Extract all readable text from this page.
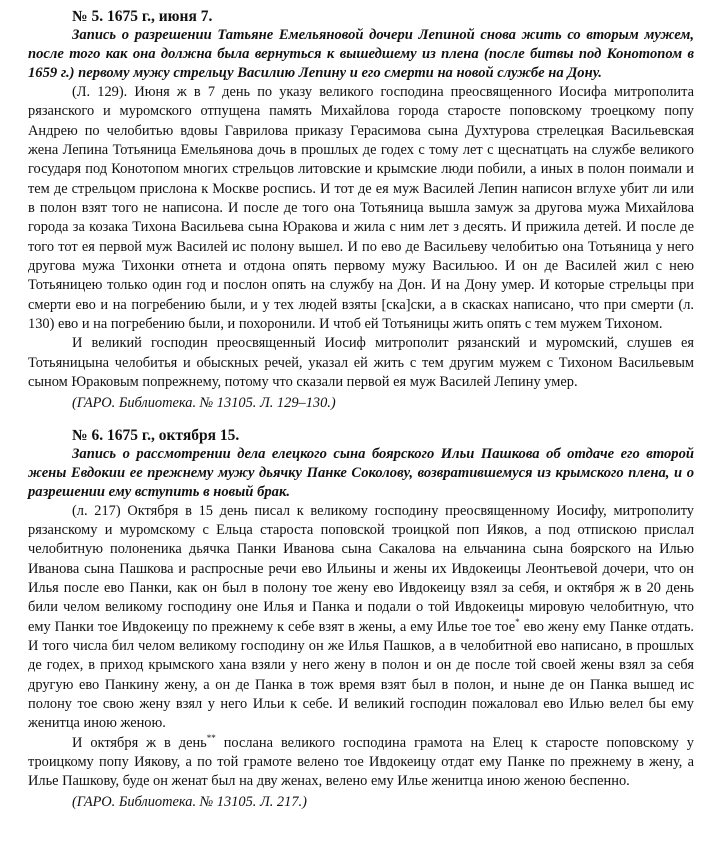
№ 5. 1675 г., июня 7.

Запись о разрешении Татьяне Емельяновой дочери Лепиной снова жить со вторым мужем, после того как она должна была вернуться к вышедшему из плена (после битвы под Конотопом в 1659 г.) первому мужу стрельцу Василию Лепину и его смерти на новой службе на Дону.

(Л. 129). Июня ж в 7 день по указу великого господина преосвященного Иосифа митрополита рязанского и муромского отпущена память Михайлова города старосте поповскому троецкому попу Андрею по челобитью вдовы Гаврилова приказу Герасимова сына Духтурова стрелецкая Васильевская жена Лепина Тотьяница Емельянова дочь в прошлых де годех с тому лет с щеснатцать на службе великого государя под Конотопом многих стрельцов литовские и крымские люди побили, а иных в полон поимали и тем де стрельцом прислона к Москве роспись. И тот де ея муж Василей Лепин написон вглухе убит ли или в полон взят того не написона. И после де того она Тотьяница вышла замуж за другова мужа Михайлова города за козака Тихона Васильева сына Юракова и жила с ним лет з десять. И прижила детей. И после де того тот ея первой муж Василей ис полону вышел. И по ево де Васильеву челобитью она Тотьяница у него другова мужа Тихонки отнета и отдона опять первому мужу Васильюо. И он де Василей жил с нею Тотьяницею только один год и послон опять на службу на Дон. И на Дону умер. И которые стрельцы при смерти ево и на погребению были, и у тех людей взяты [ска]ски, а в скасках написано, что при смерти (л. 130) ево и на погребению были, и похоронили. И чтоб ей Тотьяницы жить опять с тем мужем Тихоном.

И великий господин преосвященный Иосиф митрополит рязанский и муромский, слушев ея Тотьяницына челобитья и обыскных речей, указал ей жить с тем другим мужем с Тихоном Васильевым сыном Юраковым попрежнему, потому что сказали первой ея муж Василей Лепину умер.

(ГАРО. Библиотека. № 13105. Л. 129–130.)

№ 6. 1675 г., октября 15.

Запись о рассмотрении дела елецкого сына боярского Ильи Пашкова об отдаче его второй жены Евдокии ее прежнему мужу дьячку Панке Соколову, возвратившемуся из крымского плена, и о разрешении ему вступить в новый брак.

(л. 217) Октября в 15 день писал к великому господину преосвященному Иосифу, митрополиту рязанскому и муромскому с Ельца староста поповской троицкой поп Ияков, а под отпискою прислал челобитную полоненика дьячка Панки Иванова сына Сакалова на ельчанина сына боярского на Илью Иванова сына Пашкова и распросные речи ево Ильины и жены их Ивдокеицы Леонтьевой дочери, что он Илья после ево Панки, как он был в полону тое жену ево Ивдокеицу взял за себя, и октября ж в 20 день били челом великому господину оне Илья и Панка и подали о той Ивдокеицы мировую челобитную, что ему Панки тое Ивдокеицу по прежнему к себе взят в жены, а ему Илье тое тое* ево жену ему Панке отдать. И того числа бил челом великому господину он же Илья Пашков, а в челобитной ево написано, в прошлых де годех, в приход крымского хана взяли у него жену в полон и он де после той своей жены взял за себя другую ево Панкину жену, а он де Панка в тож время взят был в полон, и ныне де он Панка вышед ис полону тое свою жену взял у него Ильи к себе. И великий господин пожаловал ево Илью велел бы ему женитца иною женою.

И октября ж в день** послана великого господина грамота на Елец к старосте поповскому у троицкому попу Иякову, а по той грамоте велено тое Ивдокеицу отдат ему Панке по прежнему в жену, а Илье Пашкову, буде он женат был на дву женах, велено ему Илье женитца иною женою беспенно.

(ГАРО. Библиотека. № 13105. Л. 217.)
